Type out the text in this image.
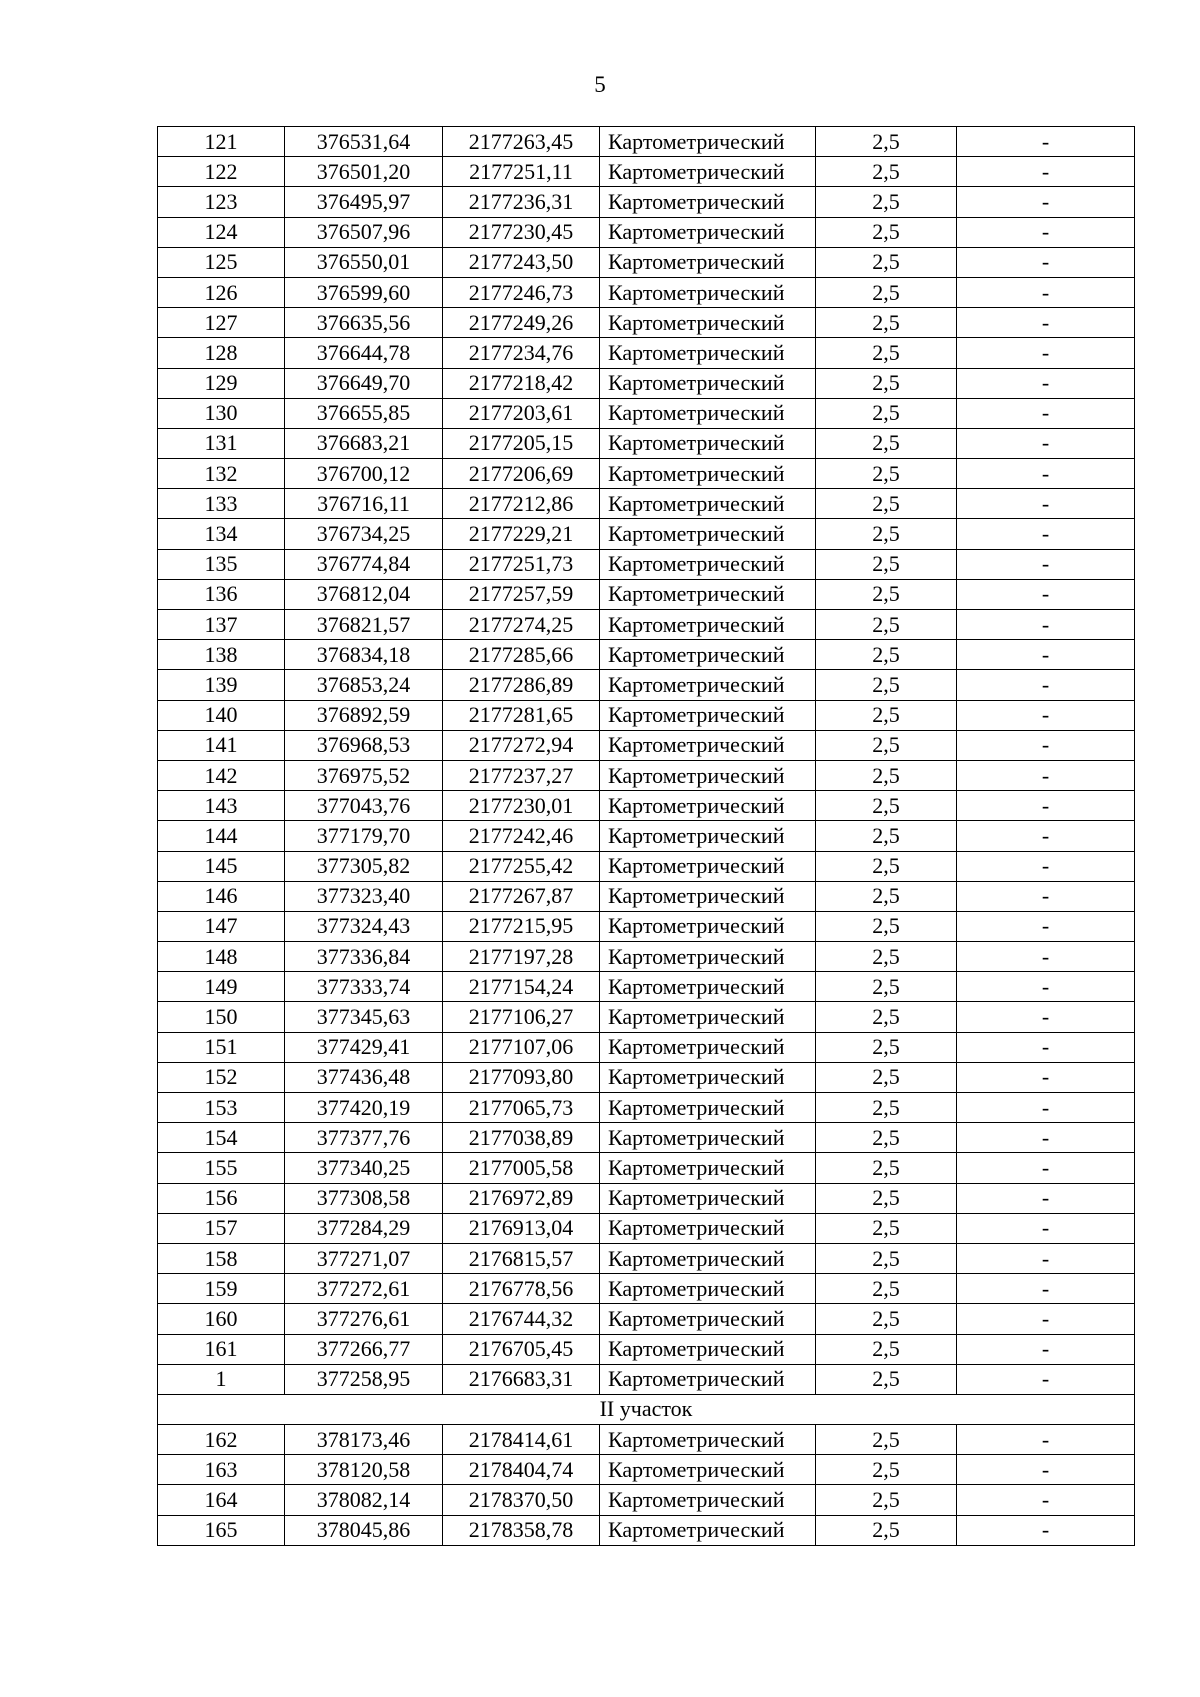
5
121	376531,64	2177263,45	Картометрический	2,5	-
122	376501,20	2177251,11	Картометрический	2,5	-
123	376495,97	2177236,31	Картометрический	2,5	-
124	376507,96	2177230,45	Картометрический	2,5	-
125	376550,01	2177243,50	Картометрический	2,5	-
126	376599,60	2177246,73	Картометрический	2,5	-
127	376635,56	2177249,26	Картометрический	2,5	-
128	376644,78	2177234,76	Картометрический	2,5	-
129	376649,70	2177218,42	Картометрический	2,5	-
130	376655,85	2177203,61	Картометрический	2,5	-
131	376683,21	2177205,15	Картометрический	2,5	-
132	376700,12	2177206,69	Картометрический	2,5	-
133	376716,11	2177212,86	Картометрический	2,5	-
134	376734,25	2177229,21	Картометрический	2,5	-
135	376774,84	2177251,73	Картометрический	2,5	-
136	376812,04	2177257,59	Картометрический	2,5	-
137	376821,57	2177274,25	Картометрический	2,5	-
138	376834,18	2177285,66	Картометрический	2,5	-
139	376853,24	2177286,89	Картометрический	2,5	-
140	376892,59	2177281,65	Картометрический	2,5	-
141	376968,53	2177272,94	Картометрический	2,5	-
142	376975,52	2177237,27	Картометрический	2,5	-
143	377043,76	2177230,01	Картометрический	2,5	-
144	377179,70	2177242,46	Картометрический	2,5	-
145	377305,82	2177255,42	Картометрический	2,5	-
146	377323,40	2177267,87	Картометрический	2,5	-
147	377324,43	2177215,95	Картометрический	2,5	-
148	377336,84	2177197,28	Картометрический	2,5	-
149	377333,74	2177154,24	Картометрический	2,5	-
150	377345,63	2177106,27	Картометрический	2,5	-
151	377429,41	2177107,06	Картометрический	2,5	-
152	377436,48	2177093,80	Картометрический	2,5	-
153	377420,19	2177065,73	Картометрический	2,5	-
154	377377,76	2177038,89	Картометрический	2,5	-
155	377340,25	2177005,58	Картометрический	2,5	-
156	377308,58	2176972,89	Картометрический	2,5	-
157	377284,29	2176913,04	Картометрический	2,5	-
158	377271,07	2176815,57	Картометрический	2,5	-
159	377272,61	2176778,56	Картометрический	2,5	-
160	377276,61	2176744,32	Картометрический	2,5	-
161	377266,77	2176705,45	Картометрический	2,5	-
1	377258,95	2176683,31	Картометрический	2,5	-
II участок					
162	378173,46	2178414,61	Картометрический	2,5	-
163	378120,58	2178404,74	Картометрический	2,5	-
164	378082,14	2178370,50	Картометрический	2,5	-
165	378045,86	2178358,78	Картометрический	2,5	-
